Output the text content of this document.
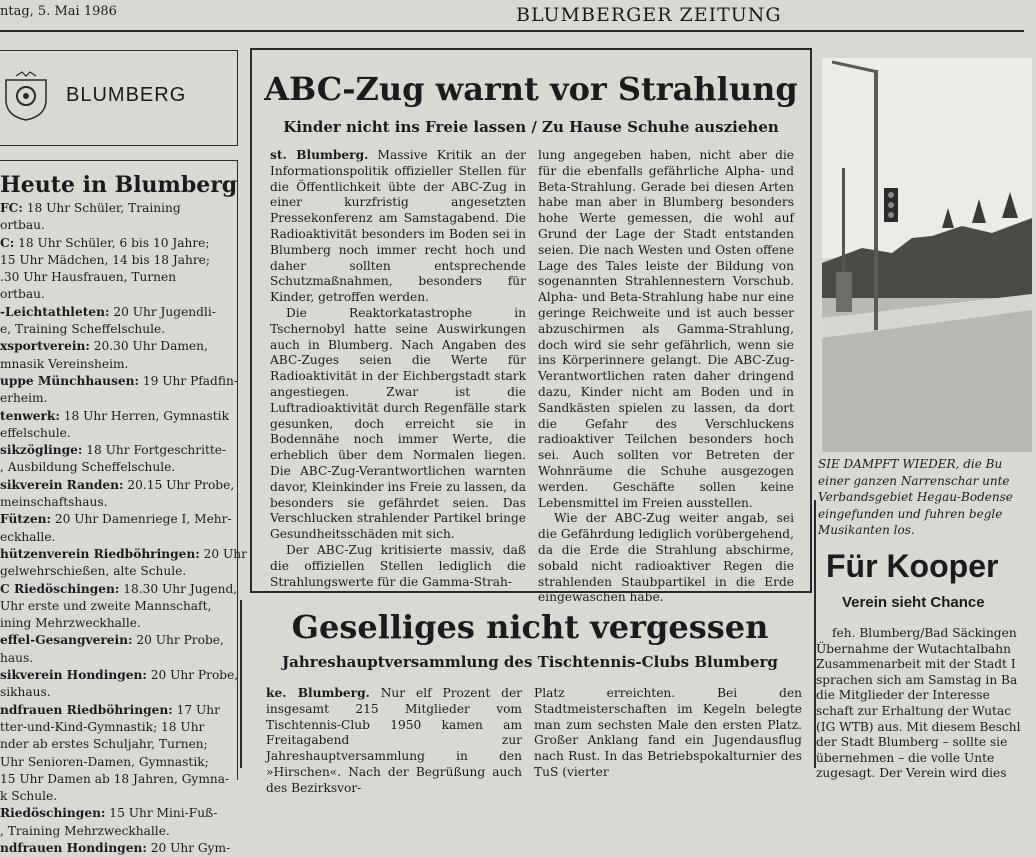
ntag, 5. Mai 1986	BLUMBERGER ZEITUNG
BLUMBERG
Heute in Blumberg
FC: 18 Uhr Schüler, Training
ortbau.
C: 18 Uhr Schüler, 6 bis 10 Jahre;
15 Uhr Mädchen, 14 bis 18 Jahre;
.30 Uhr Hausfrauen, Turnen
ortbau.
-Leichtathleten: 20 Uhr Jugendli-
e, Training Scheffelschule.
xsportverein: 20.30 Uhr Damen,
mnasik Vereinsheim.
uppe Münchhausen: 19 Uhr Pfadfin-
erheim.
tenwerk: 18 Uhr Herren, Gymnastik
effelschule.
sikzöglinge: 18 Uhr Fortgeschritte-
, Ausbildung Scheffelschule.
sikverein Randen: 20.15 Uhr Probe,
meinschaftshaus.
Fützen: 20 Uhr Damenriege I, Mehr-
eckhalle.
hützenverein Riedböhringen: 20 Uhr
gelwehrschießen, alte Schule.
C Riedöschingen: 18.30 Uhr Jugend,
Uhr erste und zweite Mannschaft,
ining Mehrzweckhalle.
effel-Gesangverein: 20 Uhr Probe,
haus.
sikverein Hondingen: 20 Uhr Probe,
sikhaus.
ndfrauen Riedböhringen: 17 Uhr
tter-und-Kind-Gymnastik; 18 Uhr
nder ab erstes Schuljahr, Turnen;
Uhr Senioren-Damen, Gymnastik;
15 Uhr Damen ab 18 Jahren, Gymna-
k Schule.
Riedöschingen: 15 Uhr Mini-Fuß-
, Training Mehrzweckhalle.
ndfrauen Hondingen: 20 Uhr Gym-
ABC-Zug warnt vor Strahlung
Kinder nicht ins Freie lassen / Zu Hause Schuhe ausziehen

st. Blumberg. Massive Kritik an der Informationspolitik offizieller Stellen für die Öffentlichkeit übte der ABC-Zug in einer kurzfristig angesetzten Pressekonferenz am Samstagabend. Die Radioaktivität besonders im Boden sei in Blumberg noch immer recht hoch und daher sollten entsprechende Schutzmaßnahmen, besonders für Kinder, getroffen werden.

Die Reaktorkatastrophe in Tschernobyl hatte seine Auswirkungen auch in Blumberg. Nach Angaben des ABC-Zuges seien die Werte für Radioaktivität in der Eichbergstadt stark angestiegen. Zwar ist die Luftradioaktivität durch Regenfälle stark gesunken, doch erreicht sie in Bodennähe noch immer Werte, die erheblich über dem Normalen liegen. Die ABC-Zug-Verantwortlichen warnten davor, Kleinkinder ins Freie zu lassen, da besonders sie gefährdet seien. Das Verschlucken strahlender Partikel bringe Gesundheitsschäden mit sich.

Der ABC-Zug kritisierte massiv, daß die offiziellen Stellen lediglich die Strahlungswerte für die Gamma-Strah-

lung angegeben haben, nicht aber die für die ebenfalls gefährliche Alpha- und Beta-Strahlung. Gerade bei diesen Arten habe man aber in Blumberg besonders hohe Werte gemessen, die wohl auf Grund der Lage der Stadt entstanden seien. Die nach Westen und Osten offene Lage des Tales leiste der Bildung von sogenannten Strahlennestern Vorschub. Alpha- und Beta-Strahlung habe nur eine geringe Reichweite und ist auch besser abzuschirmen als Gamma-Strahlung, doch wird sie sehr gefährlich, wenn sie ins Körperinnere gelangt. Die ABC-Zug-Verantwortlichen raten daher dringend dazu, Kinder nicht am Boden und in Sandkästen spielen zu lassen, da dort die Gefahr des Verschluckens radioaktiver Teilchen besonders hoch sei. Auch sollten vor Betreten der Wohnräume die Schuhe ausgezogen werden. Geschäfte sollen keine Lebensmittel im Freien ausstellen.

Wie der ABC-Zug weiter angab, sei die Gefährdung lediglich vorübergehend, da die Erde die Strahlung abschirme, sobald nicht radioaktiver Regen die strahlenden Staubpartikel in die Erde eingewaschen habe.

SIE DAMPFT WIEDER, die Bu einer ganzen Narrenschar unte Verbandsgebiet Hegau-Bodense eingefunden und fuhren begle Musikanten los.
Für Kooper
Verein sieht Chance
feh. Blumberg/Bad Säckingen
Übernahme der Wutachtalbahn
Zusammenarbeit mit der Stadt I
sprachen sich am Samstag in Ba
die Mitglieder der Interesse
schaft zur Erhaltung der Wutac
(IG WTB) aus. Mit diesem Beschl
der Stadt Blumberg – sollte sie
übernehmen – die volle Unte
zugesagt. Der Verein wird dies
Geselliges nicht vergessen
Jahreshauptversammlung des Tischtennis-Clubs Blumberg

ke. Blumberg. Nur elf Prozent der insgesamt 215 Mitglieder vom Tischtennis-Club 1950 kamen am Freitagabend zur Jahreshauptversammlung in den »Hirschen«. Nach der Begrüßung auch des Bezirksvor-

Platz erreichten. Bei den Stadtmeisterschaften im Kegeln belegte man zum sechsten Male den ersten Platz. Großer Anklang fand ein Jugendausflug nach Rust. In das Betriebspokalturnier des TuS (vierter
